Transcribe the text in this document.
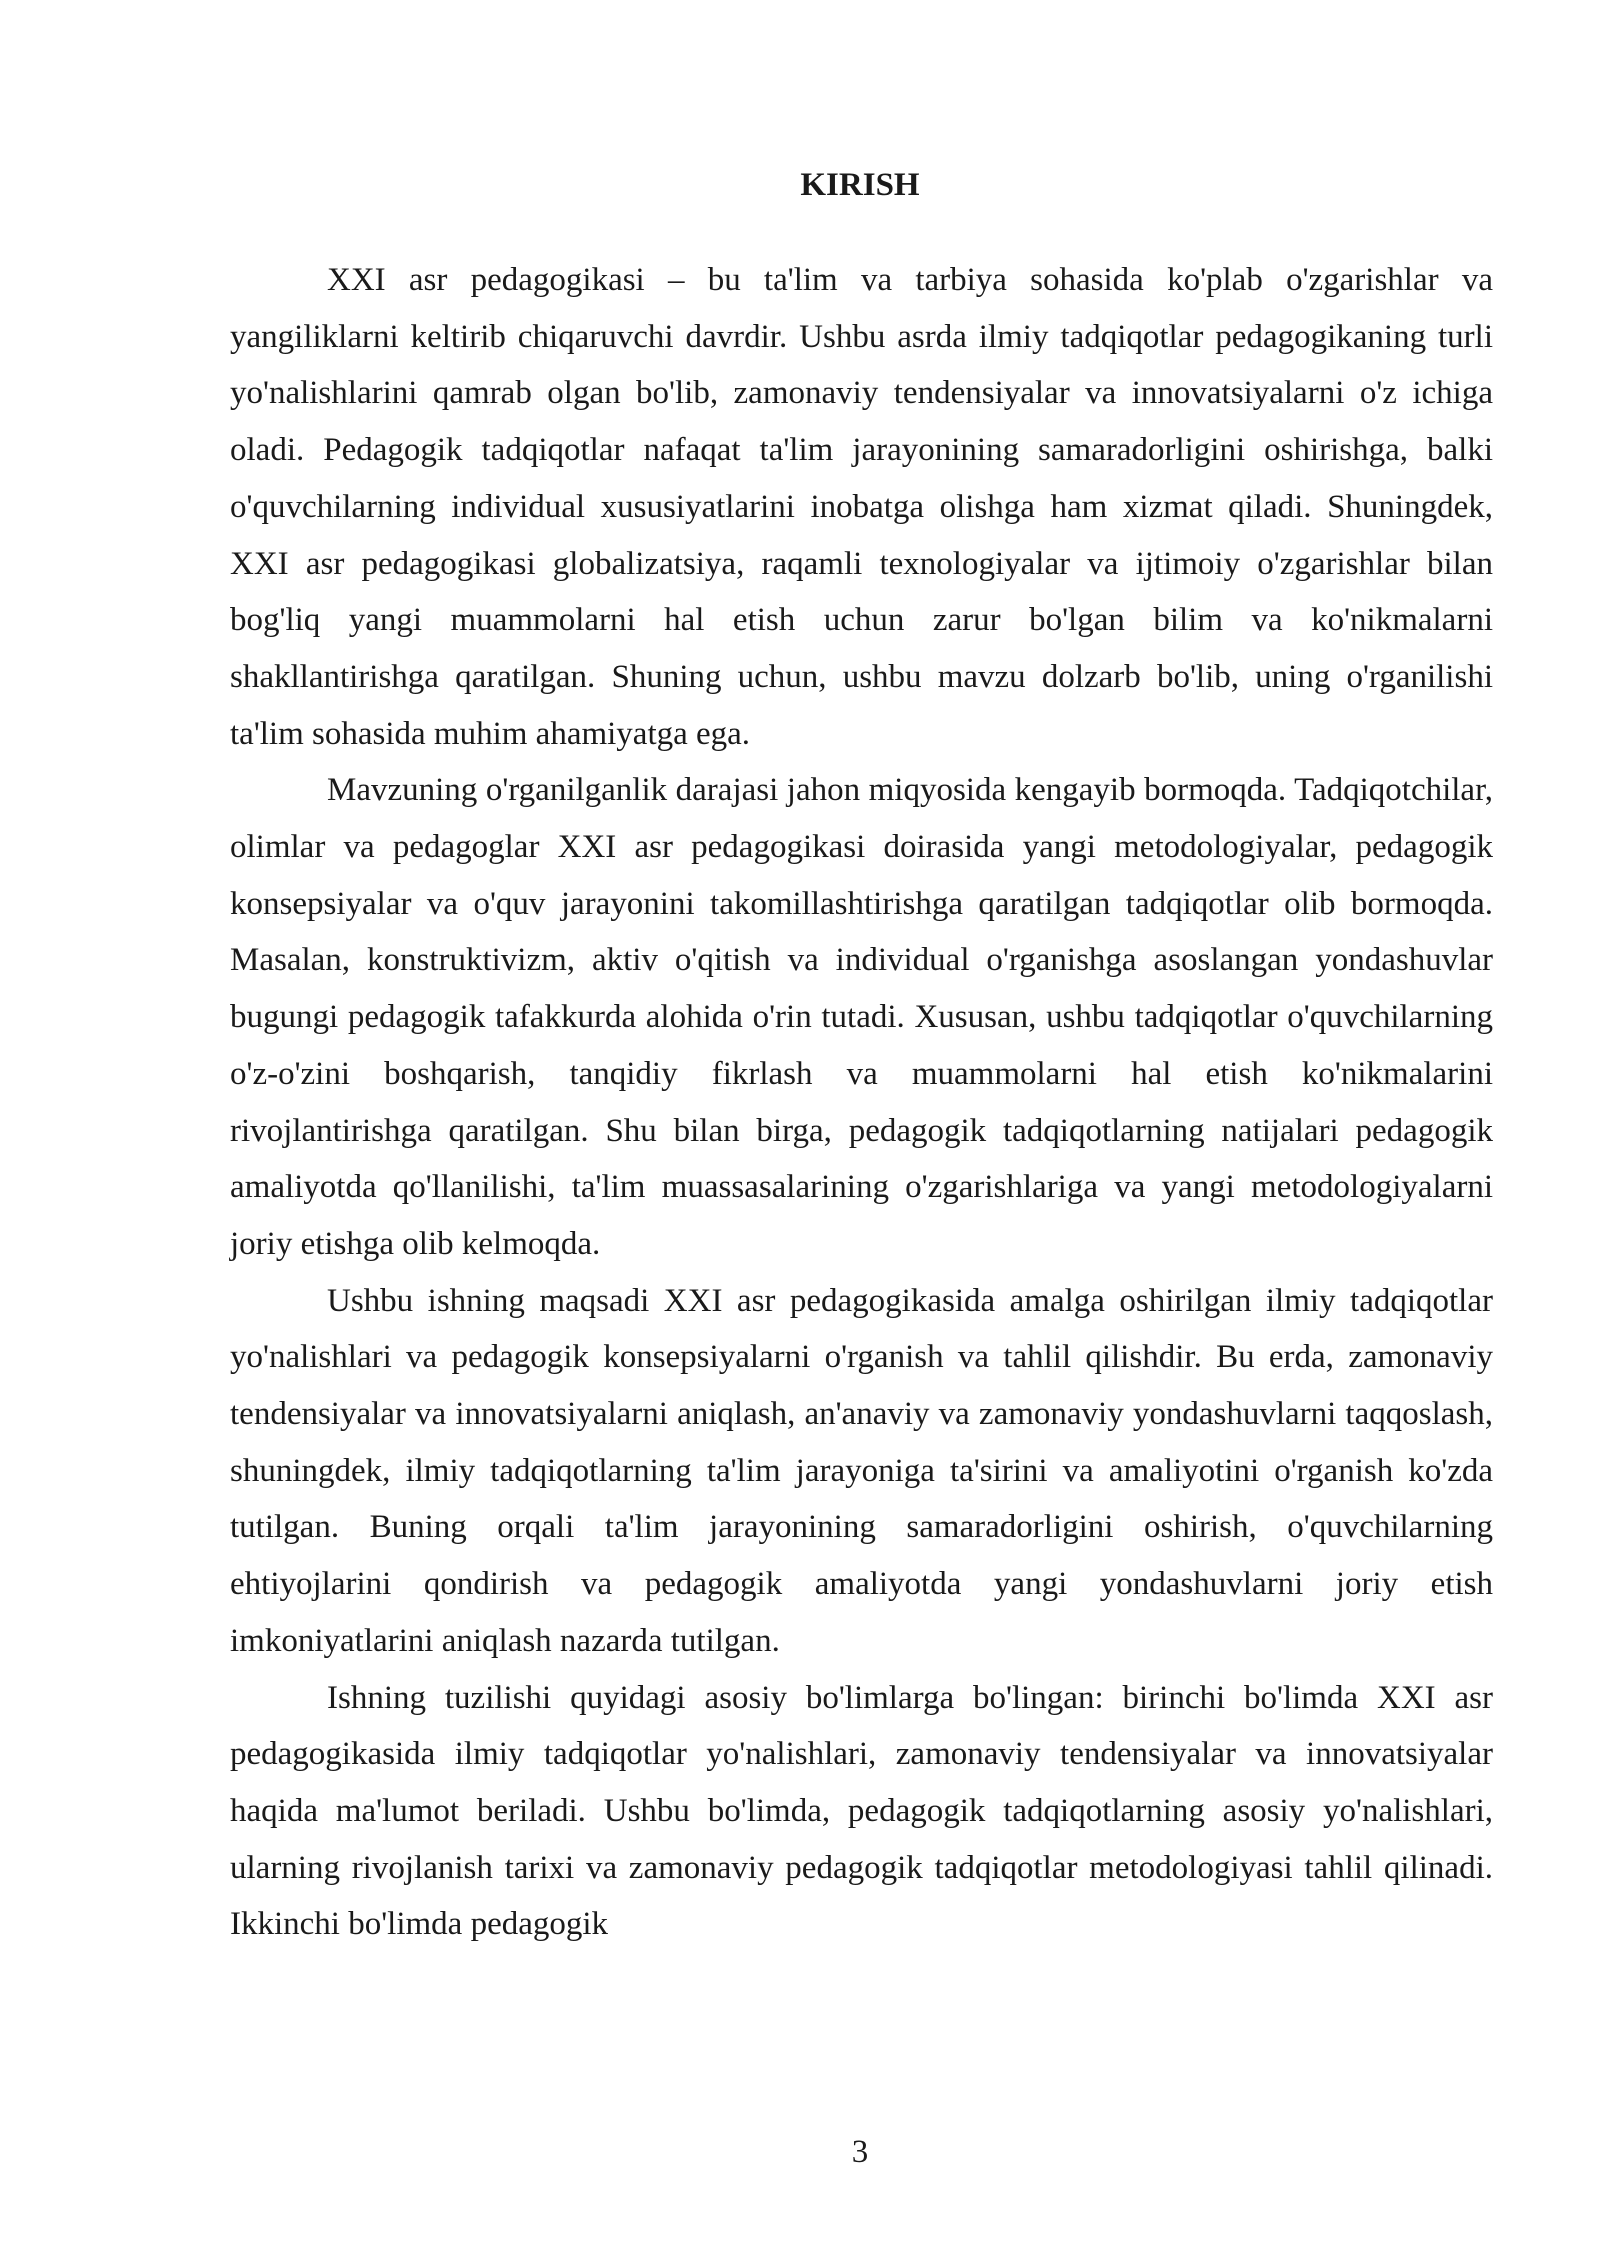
KIRISH

XXI asr pedagogikasi – bu ta'lim va tarbiya sohasida ko'plab o'zgarishlar va yangiliklarni keltirib chiqaruvchi davrdir. Ushbu asrda ilmiy tadqiqotlar pedagogikaning turli yo'nalishlarini qamrab olgan bo'lib, zamonaviy tendensiyalar va innovatsiyalarni o'z ichiga oladi. Pedagogik tadqiqotlar nafaqat ta'lim jarayonining samaradorligini oshirishga, balki o'quvchilarning individual xususiyatlarini inobatga olishga ham xizmat qiladi. Shuningdek, XXI asr pedagogikasi globalizatsiya, raqamli texnologiyalar va ijtimoiy o'zgarishlar bilan bog'liq yangi muammolarni hal etish uchun zarur bo'lgan bilim va ko'nikmalarni shakllantirishga qaratilgan. Shuning uchun, ushbu mavzu dolzarb bo'lib, uning o'rganilishi ta'lim sohasida muhim ahamiyatga ega.

Mavzuning o'rganilganlik darajasi jahon miqyosida kengayib bormoqda. Tadqiqotchilar, olimlar va pedagoglar XXI asr pedagogikasi doirasida yangi metodologiyalar, pedagogik konsepsiyalar va o'quv jarayonini takomillashtirishga qaratilgan tadqiqotlar olib bormoqda. Masalan, konstruktivizm, aktiv o'qitish va individual o'rganishga asoslangan yondashuvlar bugungi pedagogik tafakkurda alohida o'rin tutadi. Xususan, ushbu tadqiqotlar o'quvchilarning o'z-o'zini boshqarish, tanqidiy fikrlash va muammolarni hal etish ko'nikmalarini rivojlantirishga qaratilgan. Shu bilan birga, pedagogik tadqiqotlarning natijalari pedagogik amaliyotda qo'llanilishi, ta'lim muassasalarining o'zgarishlariga va yangi metodologiyalarni joriy etishga olib kelmoqda.

Ushbu ishning maqsadi XXI asr pedagogikasida amalga oshirilgan ilmiy tadqiqotlar yo'nalishlari va pedagogik konsepsiyalarni o'rganish va tahlil qilishdir. Bu erda, zamonaviy tendensiyalar va innovatsiyalarni aniqlash, an'anaviy va zamonaviy yondashuvlarni taqqoslash, shuningdek, ilmiy tadqiqotlarning ta'lim jarayoniga ta'sirini va amaliyotini o'rganish ko'zda tutilgan. Buning orqali ta'lim jarayonining samaradorligini oshirish, o'quvchilarning ehtiyojlarini qondirish va pedagogik amaliyotda yangi yondashuvlarni joriy etish imkoniyatlarini aniqlash nazarda tutilgan.

Ishning tuzilishi quyidagi asosiy bo'limlarga bo'lingan: birinchi bo'limda XXI asr pedagogikasida ilmiy tadqiqotlar yo'nalishlari, zamonaviy tendensiyalar va innovatsiyalar haqida ma'lumot beriladi. Ushbu bo'limda, pedagogik tadqiqotlarning asosiy yo'nalishlari, ularning rivojlanish tarixi va zamonaviy pedagogik tadqiqotlar metodologiyasi tahlil qilinadi. Ikkinchi bo'limda pedagogik

3
